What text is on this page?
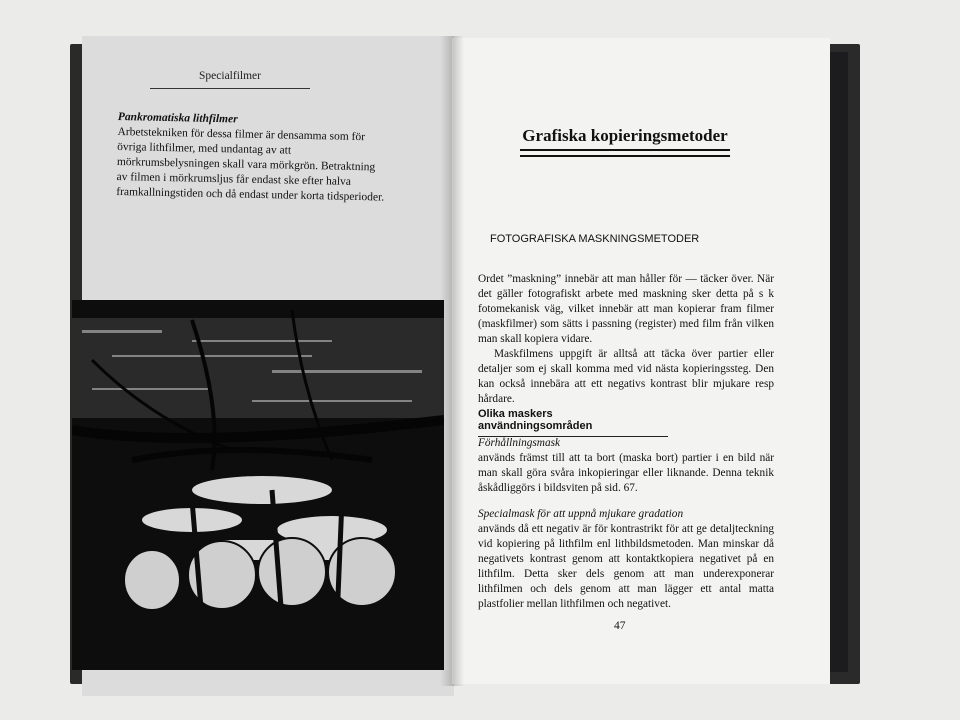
Specialfilmer
Pankromatiska lithfilmer
Arbetstekniken för dessa filmer är densamma som för övriga lithfilmer, med undantag av att mörkrumsbelysningen skall vara mörkgrön. Betraktning av filmen i mörkrumsljus får endast ske efter halva framkallningstiden och då endast under korta tidsperioder.
Grafiska kopieringsmetoder
FOTOGRAFISKA MASKNINGSMETODER

Ordet ”maskning” innebär att man håller för — täcker över. När det gäller fotografiskt arbete med maskning sker detta på s k fotomekanisk väg, vilket innebär att man kopierar fram filmer (maskfilmer) som sätts i passning (register) med film från vilken man skall kopiera vidare.

Maskfilmens uppgift är alltså att täcka över partier eller detaljer som ej skall komma med vid nästa kopieringssteg. Den kan också innebära att ett negativs kontrast blir mjukare resp hårdare.

Olika maskers användningsområden

Förhållningsmask

används främst till att ta bort (maska bort) partier i en bild när man skall göra svåra inkopieringar eller liknande. Denna teknik åskådliggörs i bildsviten på sid. 67.

Specialmask för att uppnå mjukare gradation

används då ett negativ är för kontrastrikt för att ge detaljteckning vid kopiering på lithfilm enl lithbildsmetoden. Man minskar då negativets kontrast genom att kontaktkopiera negativet på en lithfilm. Detta sker dels genom att man underexponerar lithfilmen och dels genom att man lägger ett antal matta plastfolier mellan lithfilmen och negativet.

47
